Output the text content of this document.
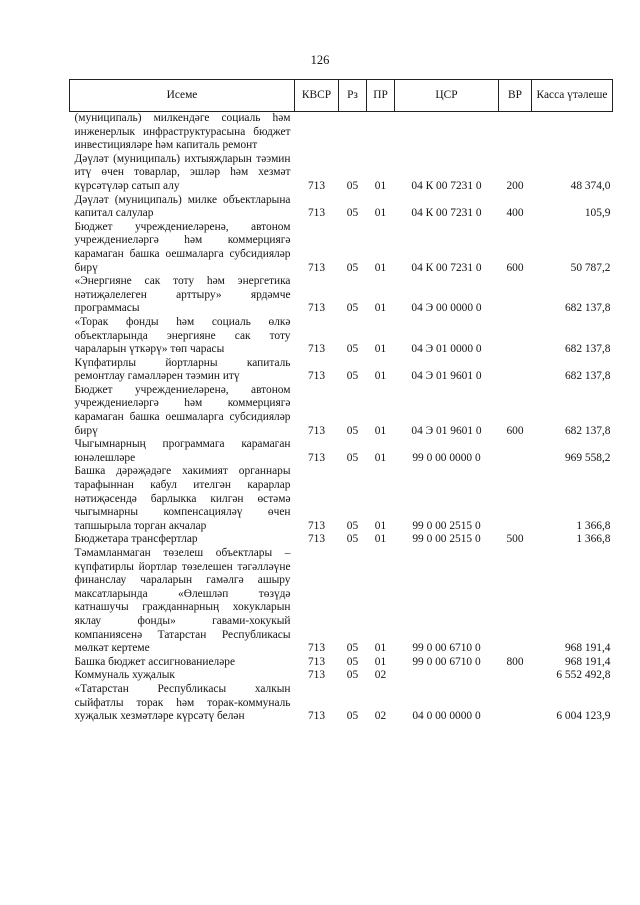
126
Исеме	КВСР	Рз	ПР	ЦСР	ВР	Касса үтәлеше
(муниципаль) милкендәге социаль һәм инженерлык инфраструктурасына бюджет инвестицияләре һәм капиталь ремонт						
Дәүләт (муниципаль) ихтыяҗларын тәэмин итү өчен товарлар, эшләр һәм хезмәт күрсәтүләр сатып алу	713	05	01	04 К 00 7231 0	200	48 374,0
Дәүләт (муниципаль) милке объектларына капитал салулар	713	05	01	04 К 00 7231 0	400	105,9
Бюджет учреждениеләренә, автоном учреждениеләргә һәм коммерциягә карамаган башка оешмаларга субсидияләр бирү	713	05	01	04 К 00 7231 0	600	50 787,2
«Энергияне сак тоту һәм энергетика нәтиҗәлелеген арттыру» ярдәмче программасы	713	05	01	04 Э 00 0000 0		682 137,8
«Торак фонды һәм социаль өлкә объектларында энергияне сак тоту чараларын үткәрү» төп чарасы	713	05	01	04 Э 01 0000 0		682 137,8
Күпфатирлы йортларны капиталь ремонтлау гамәлләрен тәэмин итү	713	05	01	04 Э 01 9601 0		682 137,8
Бюджет учреждениеләренә, автоном учреждениеләргә һәм коммерциягә карамаган башка оешмаларга субсидияләр бирү	713	05	01	04 Э 01 9601 0	600	682 137,8
Чыгымнарның программага карамаган юнәлешләре	713	05	01	99 0 00 0000 0		969 558,2
Башка дәрәҗәдәге хакимият органнары тарафыннан кабул ителгән карарлар нәтиҗәсендә барлыкка килгән өстәмә чыгымнарны компенсацияләү өчен тапшырыла торган акчалар	713	05	01	99 0 00 2515 0		1 366,8
Бюджетара трансфертлар	713	05	01	99 0 00 2515 0	500	1 366,8
Тәмамланмаган төзелеш объектлары – күпфатирлы йортлар төзелешен тәгәлләүне финанслау чараларын гамәлгә ашыру максатларында «Өлешләп төзүдә катнашучы гражданнарның хокукларын яклау фонды» гавами-хокукый компаниясенә Татарстан Республикасы мөлкәт кертеме	713	05	01	99 0 00 6710 0		968 191,4
Башка бюджет ассигнованиеләре	713	05	01	99 0 00 6710 0	800	968 191,4
Коммуналь хуҗалык	713	05	02			6 552 492,8
«Татарстан Республикасы халкын сыйфатлы торак һәм торак-коммуналь хуҗалык хезмәтләре күрсәтү белән	713	05	02	04 0 00 0000 0		6 004 123,9
